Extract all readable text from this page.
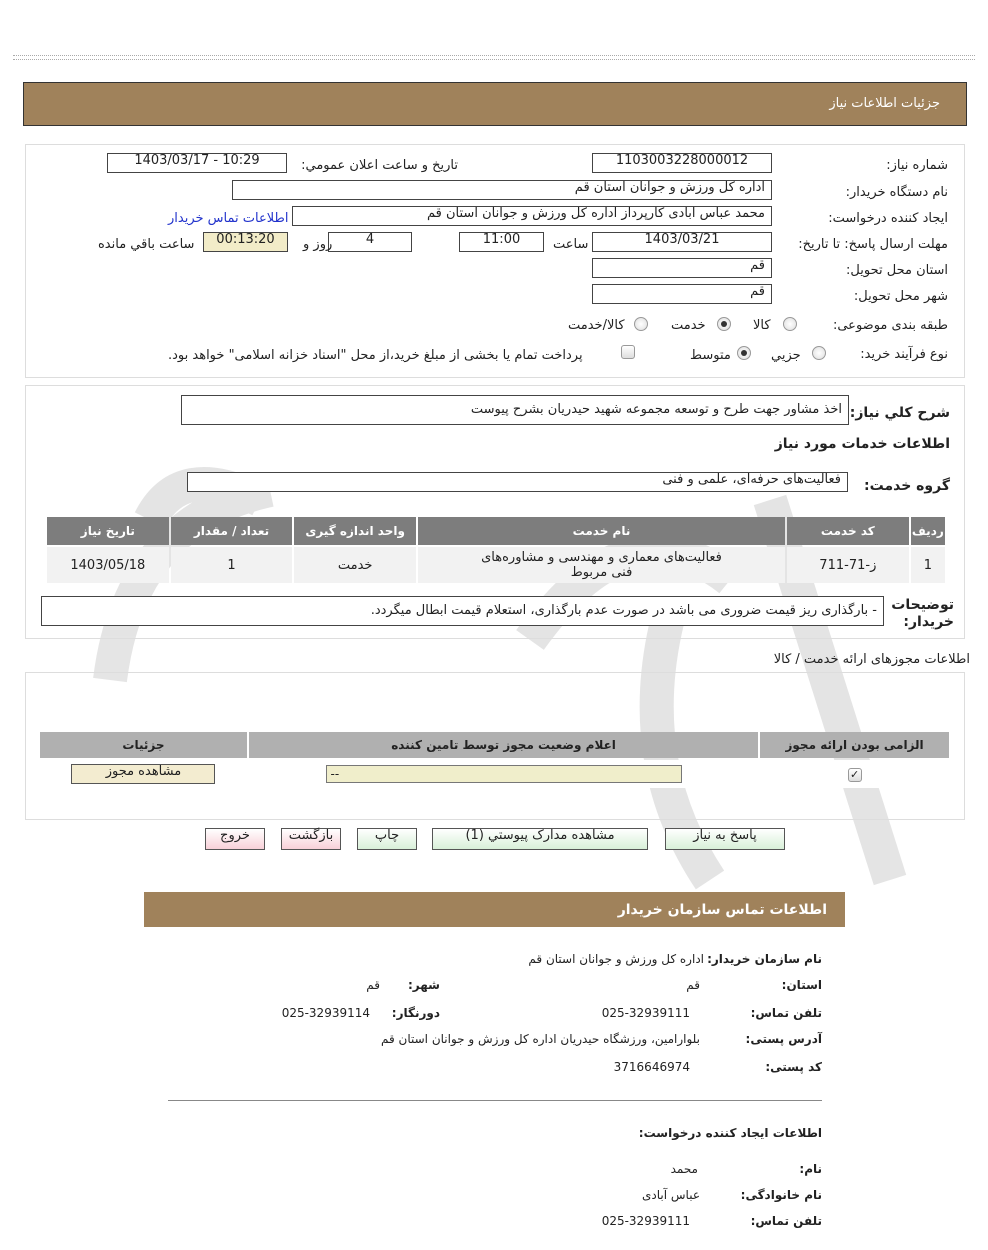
جزئيات اطلاعات نياز
شماره نياز:
1103003228000012
تاريخ و ساعت اعلان عمومي:
1403/03/17 - 10:29
نام دستگاه خريدار:
اداره کل ورزش و جوانان استان قم
ايجاد کننده درخواست:
محمد عباس ابادی کارپرداز اداره کل ورزش و جوانان استان قم
اطلاعات تماس خريدار
مهلت ارسال پاسخ: تا تاريخ:
1403/03/21
ساعت
11:00
4
روز و
00:13:20
ساعت باقي مانده
استان محل تحويل:
قم
شهر محل تحويل:
قم
طبقه بندی موضوعی:
کالا
خدمت
کالا/خدمت
نوع فرآيند خريد:
جزيي
متوسط
پرداخت تمام يا بخشی از مبلغ خريد،از محل "اسناد خزانه اسلامی" خواهد بود.
شرح کلي نياز:
اخذ مشاور جهت طرح و توسعه مجموعه شهيد حيدريان بشرح پيوست
اطلاعات خدمات مورد نياز
گروه خدمت:
فعاليت‌های حرفه‌ای، علمی و فنی
رديف	کد خدمت	نام خدمت	واحد اندازه گيری	تعداد / مقدار	تاريخ نياز
1	ز-71-711	فعاليت‌های معماری و مهندسی و مشاوره‌های فنی مربوط	خدمت	1	1403/05/18
توضيحات خريدار:
- بارگذاری ريز قيمت ضروری می باشد در صورت عدم بارگذاری، استعلام قيمت ابطال ميگردد.
اطلاعات مجوزهای ارائه خدمت / کالا
الزامی بودن ارائه مجوز	اعلام وضعيت مجوز توسط تامين کننده	جزئيات
✓	--	مشاهده مجوز
پاسخ به نياز
مشاهده مدارک پيوستي (1)
چاپ
بازگشت
خروج
اطلاعات تماس سازمان خريدار
نام سازمان خريدار:
اداره کل ورزش و جوانان استان قم
استان:
قم
شهر:
قم
تلفن تماس:
025-32939111
دورنگار:
025-32939114
آدرس پستی:
بلوارامين، ورزشگاه حيدريان اداره کل ورزش و جوانان استان قم
کد پستی:
3716646974
اطلاعات ايجاد کننده درخواست:
نام:
محمد
نام خانوادگی:
عباس آبادی
تلفن تماس:
025-32939111
